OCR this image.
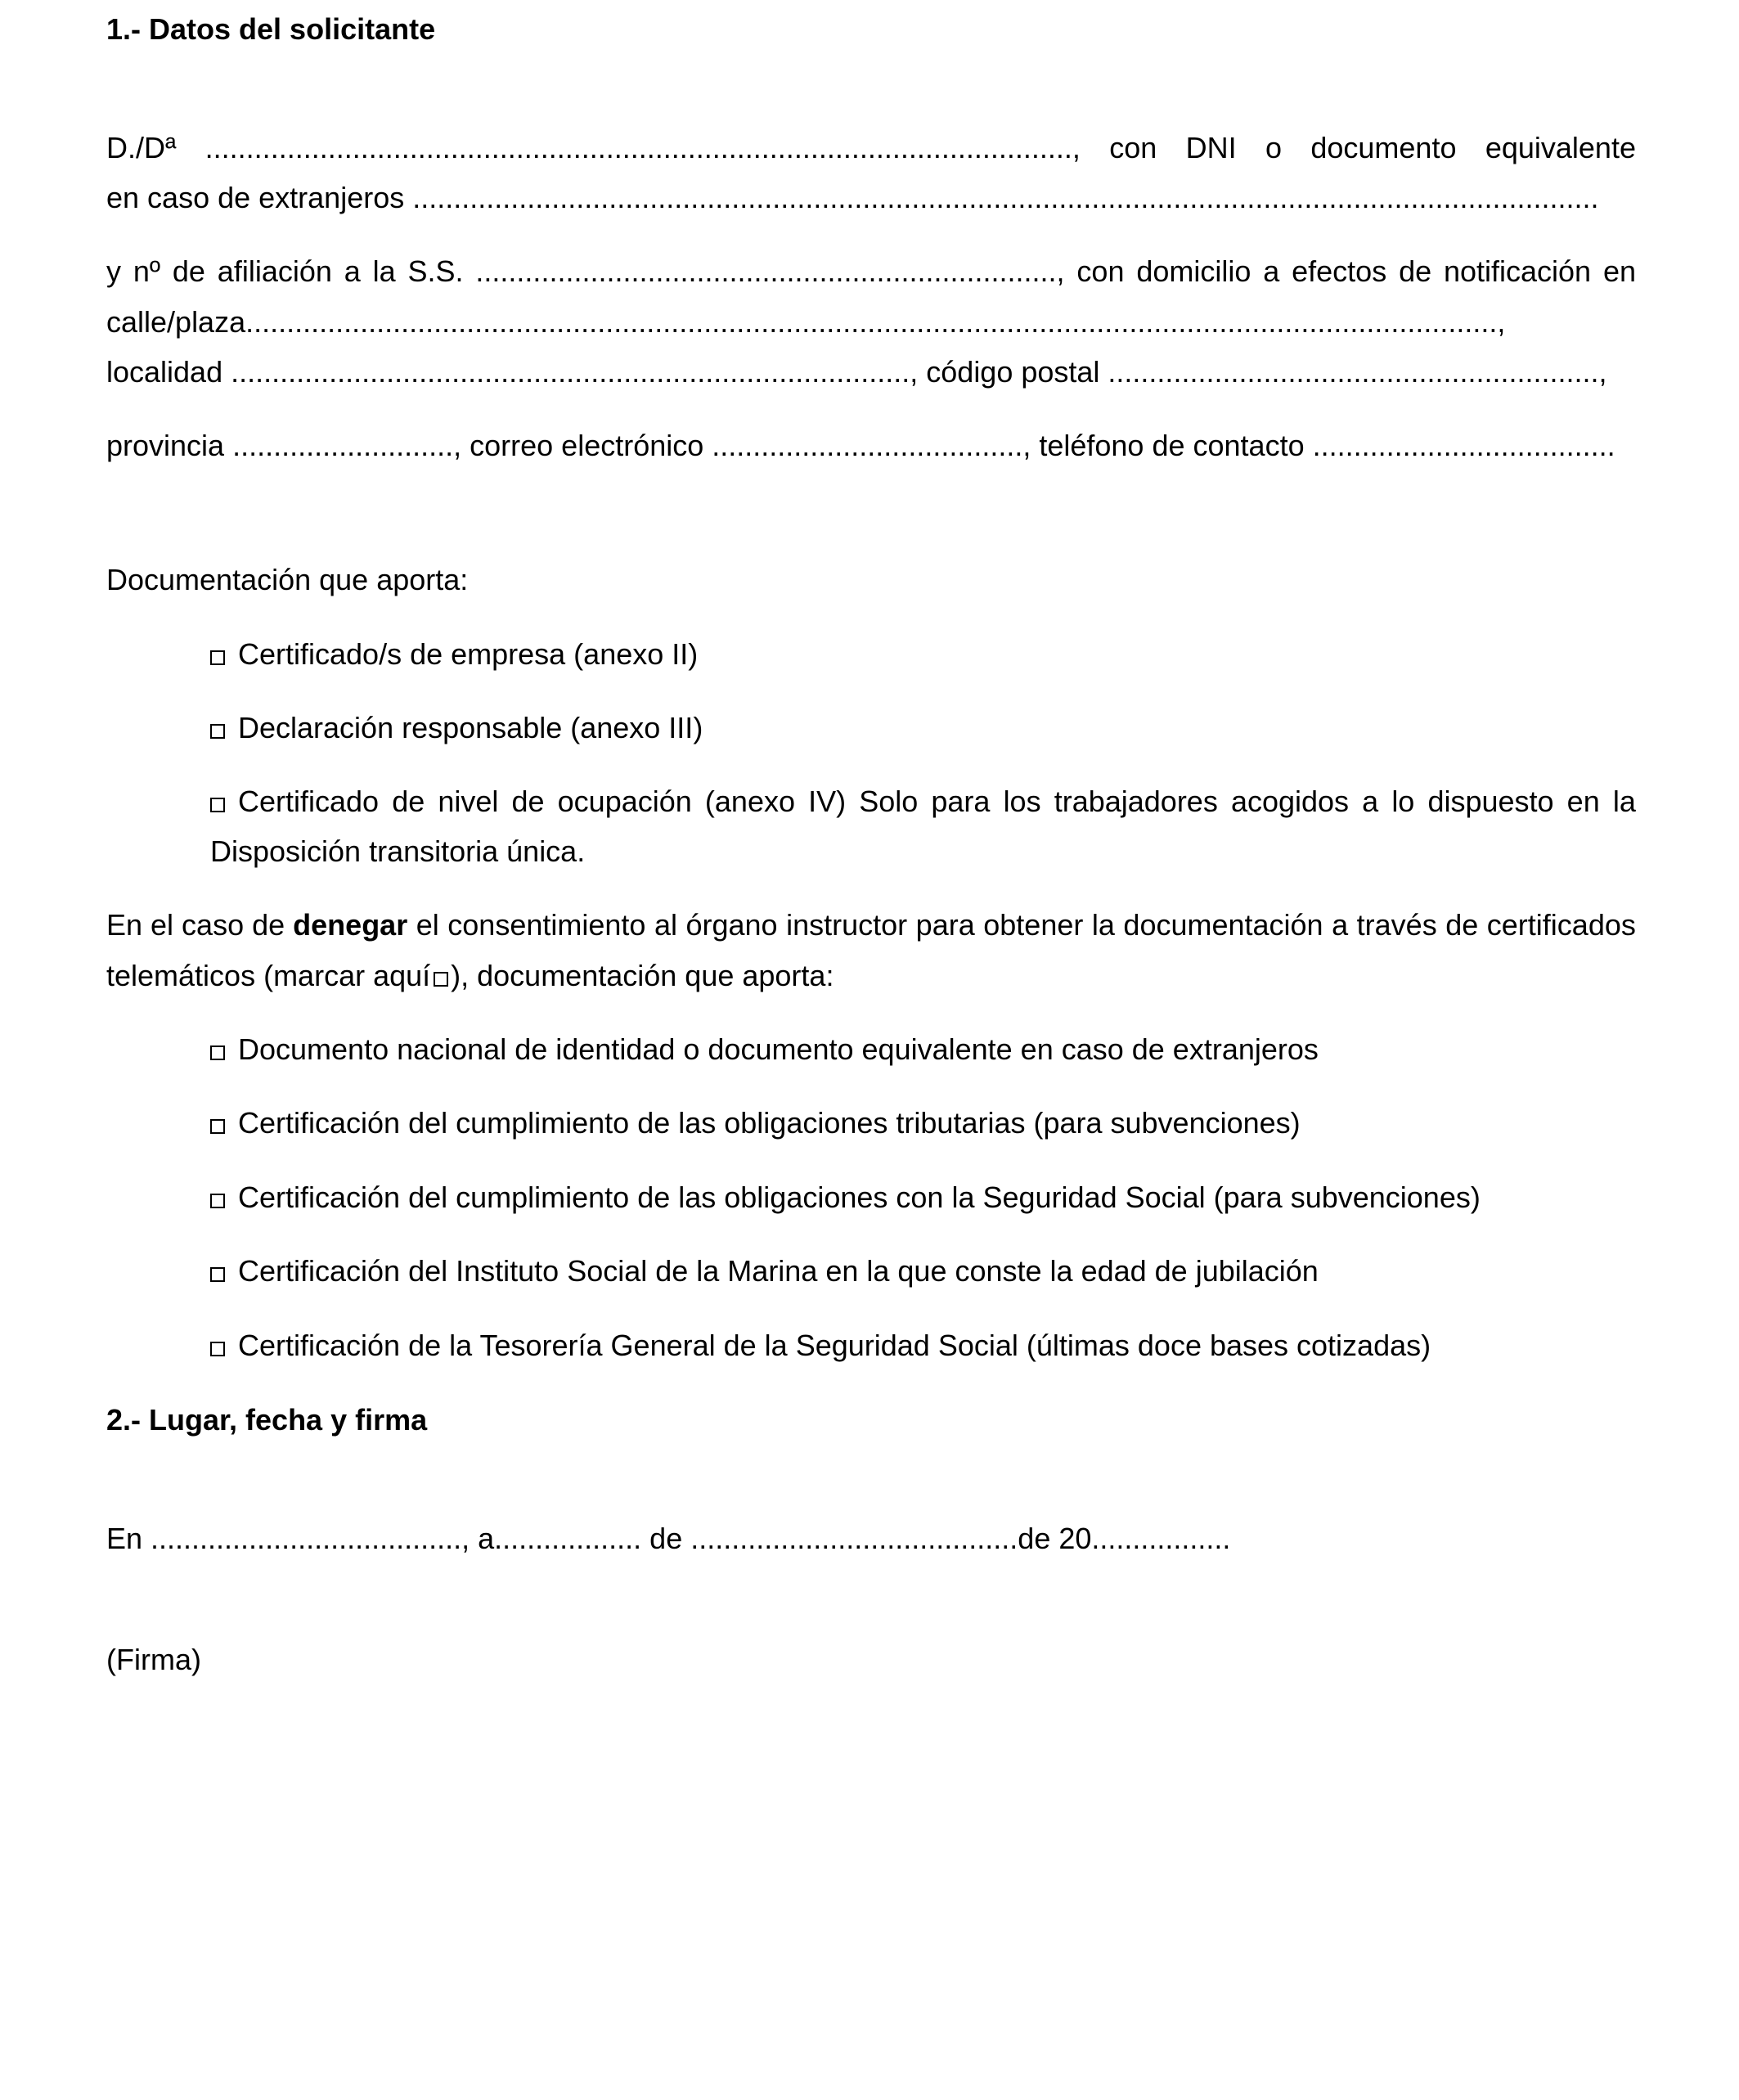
1.- Datos del solicitante
D./Dª .........................................................................................................., con DNI o documento equivalente
en caso de extranjeros .................................................................................................................................................
y nº de afiliación a la S.S. ......................................................................., con domicilio a efectos de notificación en
calle/plaza.........................................................................................................................................................,
localidad ..................................................................................., código postal ............................................................,
provincia ..........................., correo electrónico ......................................, teléfono de contacto .....................................
Documentación que aporta:
Certificado/s de empresa (anexo II)
Declaración responsable (anexo III)
Certificado de nivel de ocupación (anexo IV) Solo para los trabajadores acogidos a lo dispuesto en la
Disposición transitoria única.
En el caso de denegar el consentimiento al órgano instructor para obtener la documentación a través de certificados
telemáticos (marcar aquí ), documentación que aporta:
Documento nacional de identidad o documento equivalente en caso de extranjeros
Certificación del cumplimiento de las obligaciones tributarias (para subvenciones)
Certificación del cumplimiento de las obligaciones con la Seguridad Social (para subvenciones)
Certificación del Instituto Social de la Marina en la que conste la edad de jubilación
Certificación de la Tesorería General de la Seguridad Social (últimas doce bases cotizadas)
2.- Lugar, fecha y firma
En ......................................, a.................. de ........................................de 20.................
(Firma)
